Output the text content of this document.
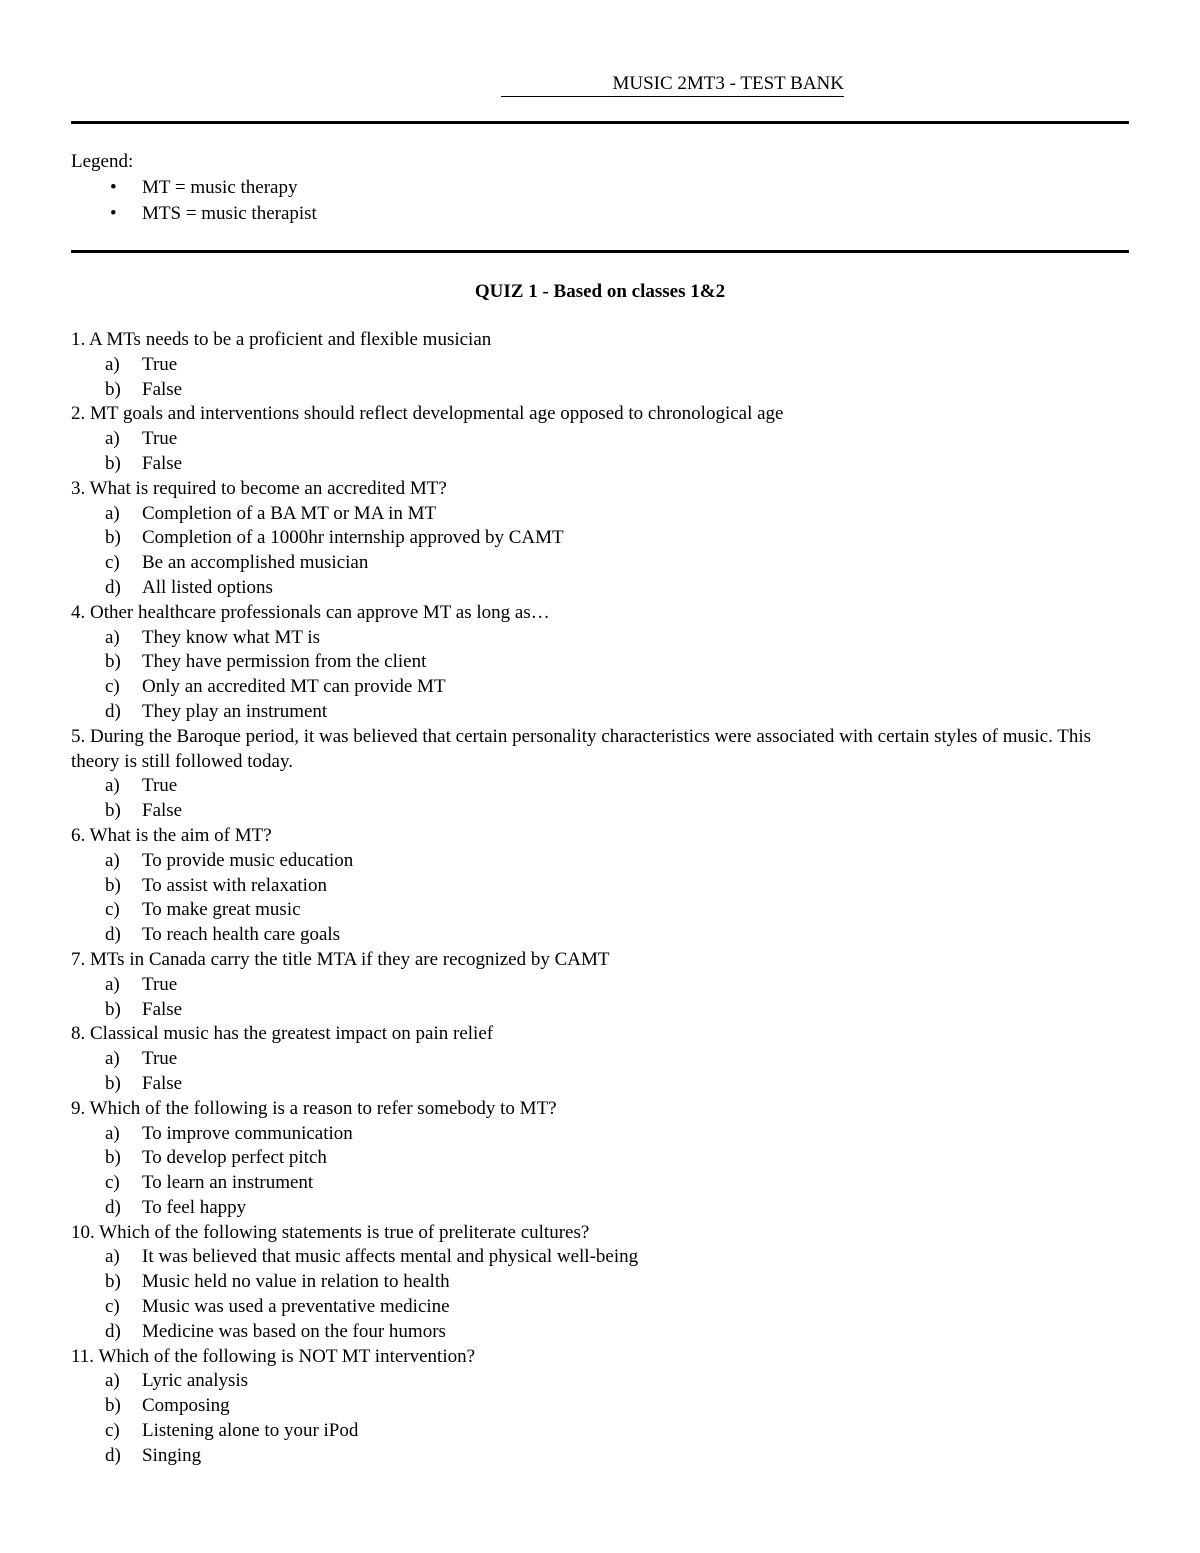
MUSIC 2MT3 - TEST BANK
Legend:
• MT = music therapy
• MTS = music therapist
QUIZ 1 - Based on classes 1&2
1. A MTs needs to be a proficient and flexible musician
a) True
b) False
2. MT goals and interventions should reflect developmental age opposed to chronological age
a) True
b) False
3. What is required to become an accredited MT?
a) Completion of a BA MT or MA in MT
b) Completion of a 1000hr internship approved by CAMT
c) Be an accomplished musician
d) All listed options
4. Other healthcare professionals can approve MT as long as…
a) They know what MT is
b) They have permission from the client
c) Only an accredited MT can provide MT
d) They play an instrument
5. During the Baroque period, it was believed that certain personality characteristics were associated with certain styles of music. This theory is still followed today.
a) True
b) False
6. What is the aim of MT?
a) To provide music education
b) To assist with relaxation
c) To make great music
d) To reach health care goals
7. MTs in Canada carry the title MTA if they are recognized by CAMT
a) True
b) False
8. Classical music has the greatest impact on pain relief
a) True
b) False
9. Which of the following is a reason to refer somebody to MT?
a) To improve communication
b) To develop perfect pitch
c) To learn an instrument
d) To feel happy
10. Which of the following statements is true of preliterate cultures?
a) It was believed that music affects mental and physical well-being
b) Music held no value in relation to health
c) Music was used a preventative medicine
d) Medicine was based on the four humors
11. Which of the following is NOT MT intervention?
a) Lyric analysis
b) Composing
c) Listening alone to your iPod
d) Singing
